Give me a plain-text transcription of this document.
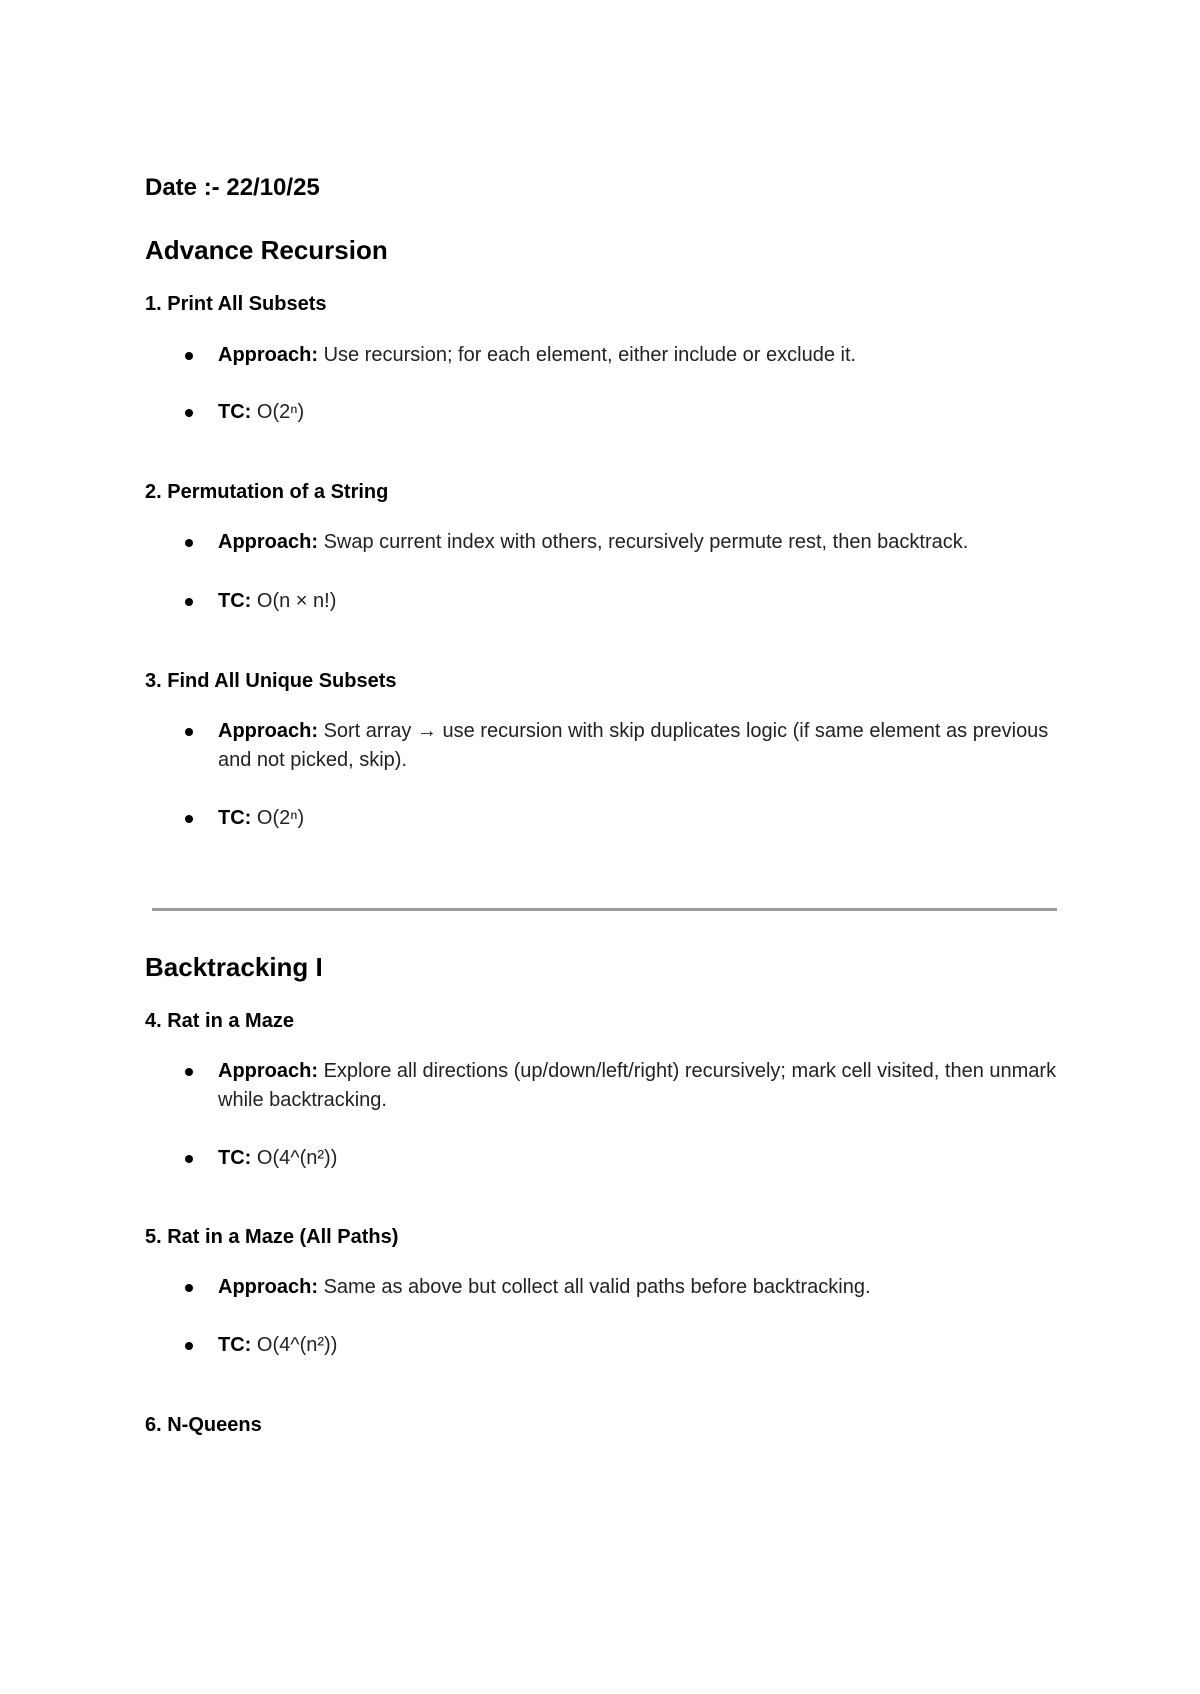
Date :- 22/10/25
Advance Recursion
1. Print All Subsets
Approach: Use recursion; for each element, either include or exclude it.
TC: O(2ⁿ)
2. Permutation of a String
Approach: Swap current index with others, recursively permute rest, then backtrack.
TC: O(n × n!)
3. Find All Unique Subsets
Approach: Sort array → use recursion with skip duplicates logic (if same element as previous and not picked, skip).
TC: O(2ⁿ)
Backtracking I
4. Rat in a Maze
Approach: Explore all directions (up/down/left/right) recursively; mark cell visited, then unmark while backtracking.
TC: O(4^(n²))
5. Rat in a Maze (All Paths)
Approach: Same as above but collect all valid paths before backtracking.
TC: O(4^(n²))
6. N-Queens
